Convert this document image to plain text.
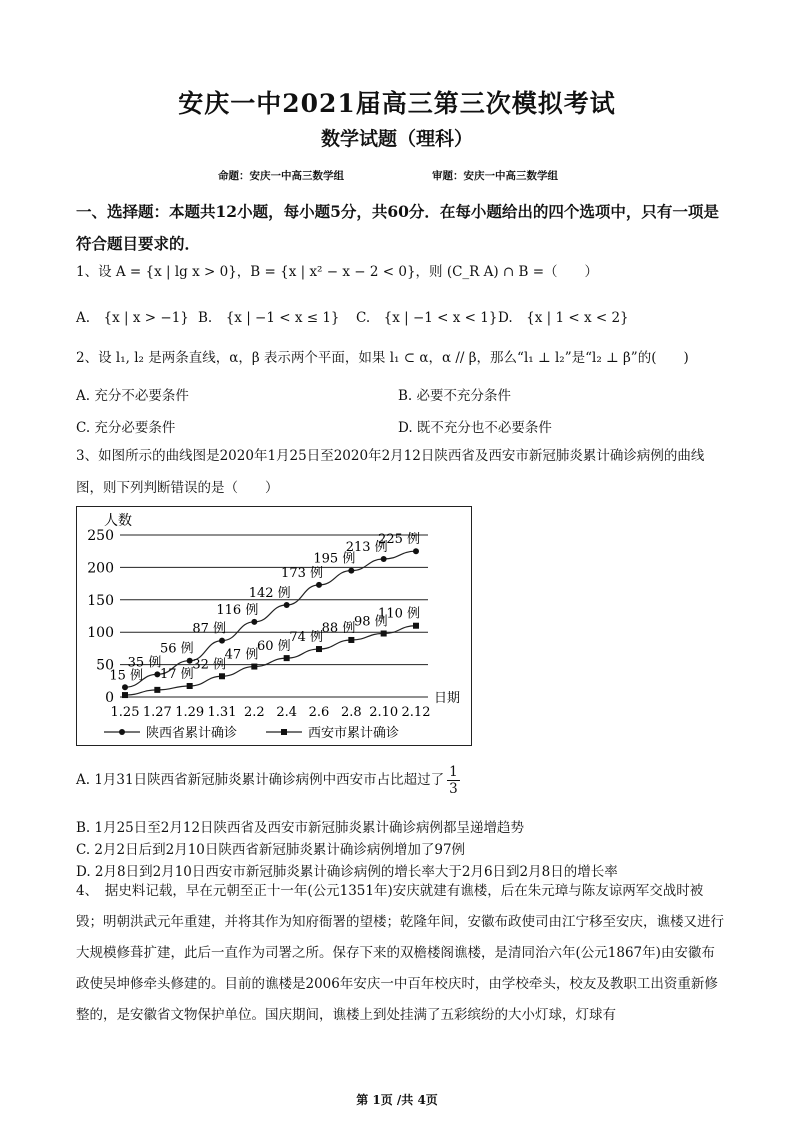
安庆一中2021届高三第三次模拟考试
数学试题（理科）
命题：安庆一中高三数学组	审题：安庆一中高三数学组
一、选择题：本题共12小题，每小题5分，共60分．在每小题给出的四个选项中，只有一项是符合题目要求的．
1、设 A = {x | lg x > 0}，B = {x | x² − x − 2 < 0}，则 (C_R A) ∩ B =（　　）
A.　{x | x > −1} B.　{x | −1 < x ≤ 1} C.　{x | −1 < x < 1} D.　{x | 1 < x < 2}
2、设 l₁, l₂ 是两条直线，α，β 表示两个平面，如果 l₁ ⊂ α，α // β，那么“l₁ ⊥ l₂”是“l₂ ⊥ β”的(　　)
A. 充分不必要条件	B. 必要不充分条件
C. 充分必要条件	D. 既不充分也不必要条件
3、如图所示的曲线图是2020年1月25日至2020年2月12日陕西省及西安市新冠肺炎累计确诊病例的曲线图，则下列判断错误的是（　　）
0
50
100
150
200
250
1.25 1.27 1.29 1.31 2.2 2.4 2.6 2.8 2.10 2.12
15 例
35 例
56 例
87 例
116 例
142 例
173 例
195 例
213 例
225 例
17 例
32 例
47 例
60 例
74 例
88 例
98 例
110 例
人数
日期
陕西省累计确诊	西安市累计确诊
A. 1月31日陕西省新冠肺炎累计确诊病例中西安市占比超过了 $\frac{1}{3}$
B. 1月25日至2月12日陕西省及西安市新冠肺炎累计确诊病例都呈递增趋势
C. 2月2日后到2月10日陕西省新冠肺炎累计确诊病例增加了97例
D. 2月8日到2月10日西安市新冠肺炎累计确诊病例的增长率大于2月6日到2月8日的增长率
4、　据史料记载，早在元朝至正十一年(公元1351年)安庆就建有谯楼，后在朱元璋与陈友谅两军交战时被毁；明朝洪武元年重建，并将其作为知府衙署的望楼；乾隆年间，安徽布政使司由江宁移至安庆，谯楼又进行大规模修葺扩建，此后一直作为司署之所。保存下来的双檐楼阁谯楼，是清同治六年(公元1867年)由安徽布政使吴坤修牵头修建的。目前的谯楼是2006年安庆一中百年校庆时，由学校牵头，校友及教职工出资重新修整的，是安徽省文物保护单位。国庆期间，谯楼上到处挂满了五彩缤纷的大小灯球，灯球有
第 1页 /共 4页
